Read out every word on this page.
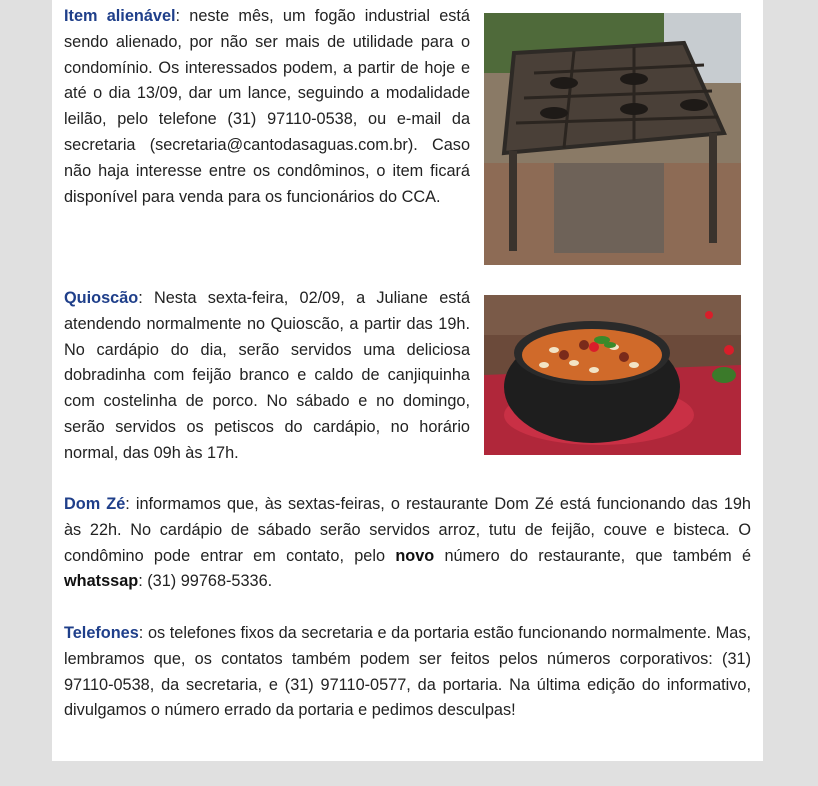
Item alienável: neste mês, um fogão industrial está sendo alienado, por não ser mais de utilidade para o condomínio. Os interessados podem, a partir de hoje e até o dia 13/09, dar um lance, seguindo a modalidade leilão, pelo telefone (31) 97110-0538, ou e-mail da secretaria (secretaria@cantodasaguas.com.br). Caso não haja interesse entre os condôminos, o item ficará disponível para venda para os funcionários do CCA.

Quioscão: Nesta sexta-feira, 02/09, a Juliane está atendendo normalmente no Quioscão, a partir das 19h. No cardápio do dia, serão servidos uma deliciosa dobradinha com feijão branco e caldo de canjiquinha com costelinha de porco. No sábado e no domingo, serão servidos os petiscos do cardápio, no horário normal, das 09h às 17h.

Dom Zé: informamos que, às sextas-feiras, o restaurante Dom Zé está funcionando das 19h às 22h. No cardápio de sábado serão servidos arroz, tutu de feijão, couve e bisteca. O condômino pode entrar em contato, pelo novo número do restaurante, que também é whatssap: (31) 99768-5336.

Telefones: os telefones fixos da secretaria e da portaria estão funcionando normalmente. Mas, lembramos que, os contatos também podem ser feitos pelos números corporativos: (31) 97110-0538, da secretaria, e (31) 97110-0577, da portaria. Na última edição do informativo, divulgamos o número errado da portaria e pedimos desculpas!
